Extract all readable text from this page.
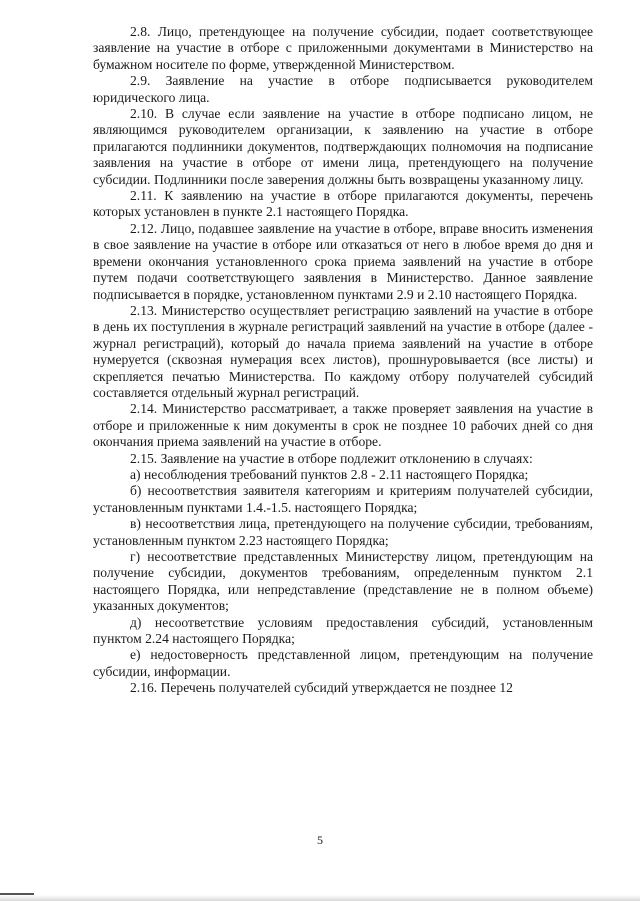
2.8. Лицо, претендующее на получение субсидии, подает соответствующее заявление на участие в отборе с приложенными документами в Министерство на бумажном носителе по форме, утвержденной Министерством.

2.9. Заявление на участие в отборе подписывается руководителем юридического лица.

2.10. В случае если заявление на участие в отборе подписано лицом, не являющимся руководителем организации, к заявлению на участие в отборе прилагаются подлинники документов, подтверждающих полномочия на подписание заявления на участие в отборе от имени лица, претендующего на получение субсидии. Подлинники после заверения должны быть возвращены указанному лицу.

2.11. К заявлению на участие в отборе прилагаются документы, перечень которых установлен в пункте 2.1 настоящего Порядка.

2.12. Лицо, подавшее заявление на участие в отборе, вправе вносить изменения в свое заявление на участие в отборе или отказаться от него в любое время до дня и времени окончания установленного срока приема заявлений на участие в отборе путем подачи соответствующего заявления в Министерство. Данное заявление подписывается в порядке, установленном пунктами 2.9 и 2.10 настоящего Порядка.

2.13. Министерство осуществляет регистрацию заявлений на участие в отборе в день их поступления в журнале регистраций заявлений на участие в отборе (далее - журнал регистраций), который до начала приема заявлений на участие в отборе нумеруется (сквозная нумерация всех листов), прошнуровывается (все листы) и скрепляется печатью Министерства. По каждому отбору получателей субсидий составляется отдельный журнал регистраций.

2.14. Министерство рассматривает, а также проверяет заявления на участие в отборе и приложенные к ним документы в срок не позднее 10 рабочих дней со дня окончания приема заявлений на участие в отборе.

2.15. Заявление на участие в отборе подлежит отклонению в случаях:

а) несоблюдения требований пунктов 2.8 - 2.11 настоящего Порядка;

б) несоответствия заявителя категориям и критериям получателей субсидии, установленным пунктами 1.4.-1.5. настоящего Порядка;

в) несоответствия лица, претендующего на получение субсидии, требованиям, установленным пунктом 2.23 настоящего Порядка;

г) несоответствие представленных Министерству лицом, претендующим на получение субсидии, документов требованиям, определенным пунктом 2.1 настоящего Порядка, или непредставление (представление не в полном объеме) указанных документов;

д) несоответствие условиям предоставления субсидий, установленным пунктом 2.24 настоящего Порядка;

е) недостоверность представленной лицом, претендующим на получение субсидии, информации.

2.16. Перечень получателей субсидий утверждается не позднее 12

5
